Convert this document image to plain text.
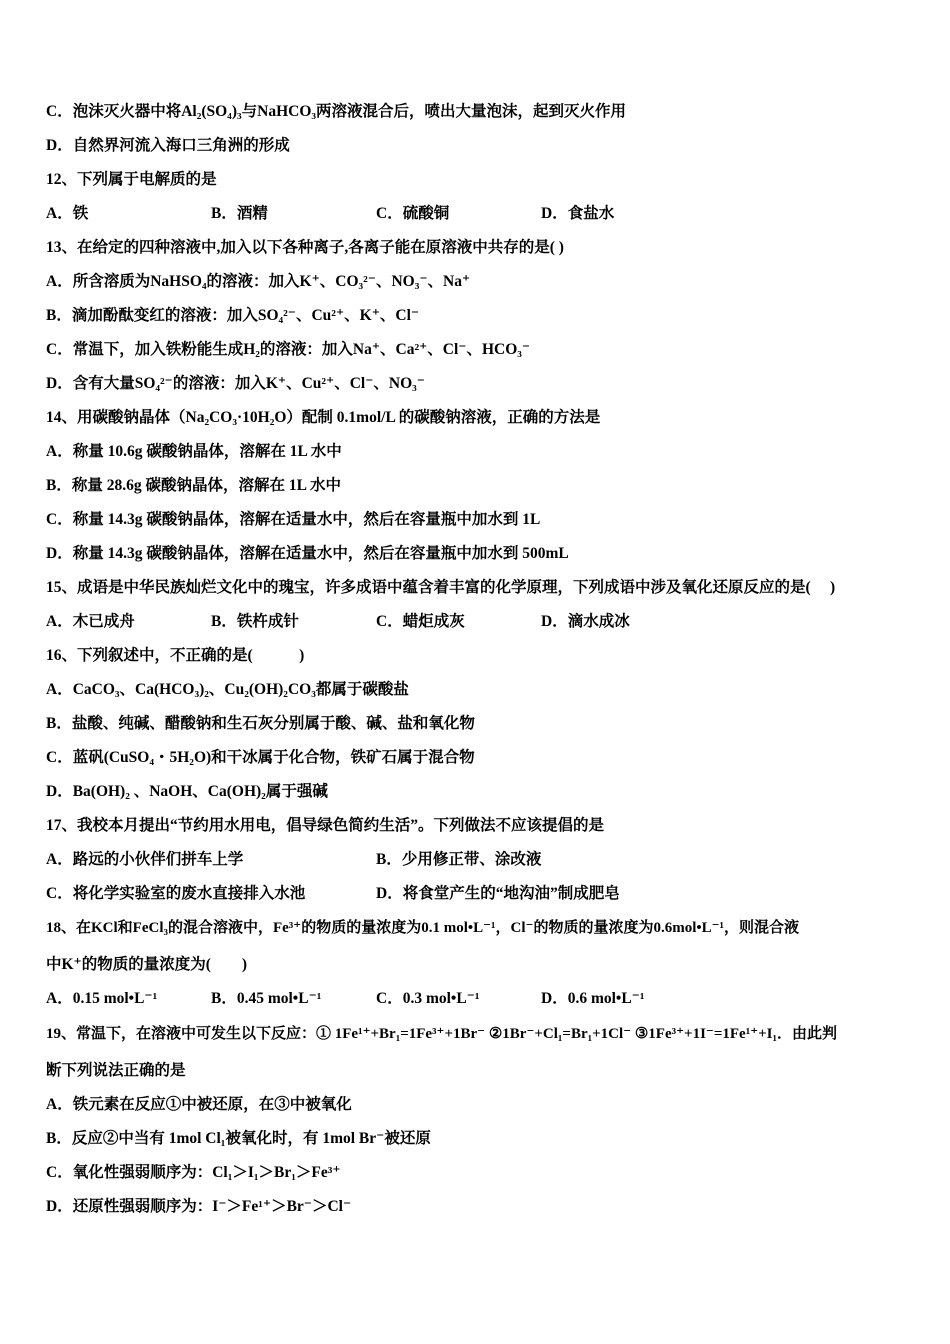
C．泡沫灭火器中将Al₂(SO₄)₃与NaHCO₃两溶液混合后，喷出大量泡沫，起到灭火作用
D．自然界河流入海口三角洲的形成
12、下列属于电解质的是
A．铁	B．酒精	C．硫酸铜	D．食盐水
13、在给定的四种溶液中,加入以下各种离子,各离子能在原溶液中共存的是( )
A．所含溶质为NaHSO₄的溶液：加入K⁺、CO₃²⁻、NO₃⁻、Na⁺
B．滴加酚酞变红的溶液：加入SO₄²⁻、Cu²⁺、K⁺、Cl⁻
C．常温下，加入铁粉能生成H₂的溶液：加入Na⁺、Ca²⁺、Cl⁻、HCO₃⁻
D．含有大量SO₄²⁻的溶液：加入K⁺、Cu²⁺、Cl⁻、NO₃⁻
14、用碳酸钠晶体（Na₂CO₃·10H₂O）配制 0.1mol/L 的碳酸钠溶液，正确的方法是
A．称量 10.6g 碳酸钠晶体，溶解在 1L 水中
B．称量 28.6g 碳酸钠晶体，溶解在 1L 水中
C．称量 14.3g 碳酸钠晶体，溶解在适量水中，然后在容量瓶中加水到 1L
D．称量 14.3g 碳酸钠晶体，溶解在适量水中，然后在容量瓶中加水到 500mL
15、成语是中华民族灿烂文化中的瑰宝，许多成语中蕴含着丰富的化学原理，下列成语中涉及氧化还原反应的是(　 )
A．木已成舟	B．铁杵成针	C．蜡炬成灰	D．滴水成冰
16、下列叙述中，不正确的是(　　　)
A．CaCO₃、Ca(HCO₃)₂、Cu₂(OH)₂CO₃都属于碳酸盐
B．盐酸、纯碱、醋酸钠和生石灰分别属于酸、碱、盐和氧化物
C．蓝矾(CuSO₄・5H₂O)和干冰属于化合物，铁矿石属于混合物
D．Ba(OH)₂ 、NaOH、Ca(OH)₂属于强碱
17、我校本月提出“节约用水用电，倡导绿色简约生活”。下列做法不应该提倡的是
A．路远的小伙伴们拼车上学	B．少用修正带、涂改液
C．将化学实验室的废水直接排入水池	D．将食堂产生的“地沟油”制成肥皂
18、在KCl和FeCl₃的混合溶液中，Fe³⁺的物质的量浓度为0.1 mol•L⁻¹，Cl⁻的物质的量浓度为0.6mol•L⁻¹，则混合液
中K⁺的物质的量浓度为(　　)
A．0.15 mol•L⁻¹	B．0.45 mol•L⁻¹	C．0.3 mol•L⁻¹	D．0.6 mol•L⁻¹
19、常温下，在溶液中可发生以下反应：① 1Fe¹⁺+Br₁=1Fe³⁺+1Br⁻ ②1Br⁻+Cl₁=Br₁+1Cl⁻ ③1Fe³⁺+1I⁻=1Fe¹⁺+I₁．由此判
断下列说法正确的是
A．铁元素在反应①中被还原，在③中被氧化
B．反应②中当有 1mol Cl₁被氧化时，有 1mol Br⁻被还原
C．氧化性强弱顺序为：Cl₁＞I₁＞Br₁＞Fe³⁺
D．还原性强弱顺序为：I⁻＞Fe¹⁺＞Br⁻＞Cl⁻
